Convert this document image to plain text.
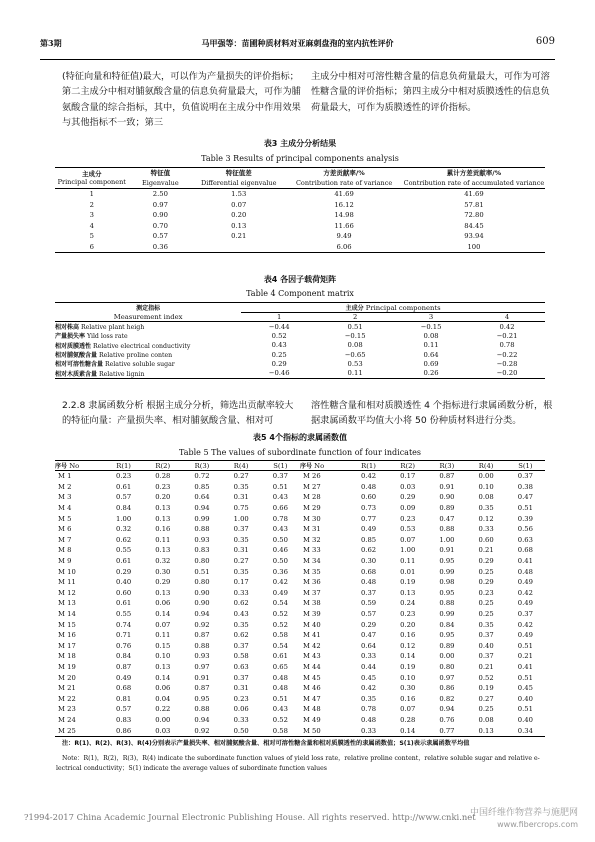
第3期	马甲强等：苗圃种质材料对亚麻刺盘孢的室内抗性评价	609
(特征向量和特征值)最大，可以作为产量损失的评价指标；第二主成分中相对脯氨酸含量的信息负荷量最大，可作为脯氨酸含量的综合指标，其中，负值说明在主成分中作用效果与其他指标不一致；第三
主成分中相对可溶性糖含量的信息负荷量最大，可作为可溶性糖含量的评价指标；第四主成分中相对质膜透性的信息负荷量最大，可作为质膜透性的评价指标。
表3 主成分分析结果
Table 3 Results of principal components analysis
主成分	特征值	特征值差	方差贡献率/%	累计方差贡献率/%
Principal component	Eigenvalue	Differential eigenvalue	Contribution rate of variance	Contribution rate of accumulated variance
1	2.50	1.53	41.69	41.69
2	0.97	0.07	16.12	57.81
3	0.90	0.20	14.98	72.80
4	0.70	0.13	11.66	84.45
5	0.57	0.21	9.49	93.94
6	0.36		6.06	100
表4 各因子载荷矩阵
Table 4 Component matrix
测定指标	主成分 Principal components			
Measurement index	1	2	3	4
相对株高 Relative plant heigh	−0.44	0.51	−0.15	0.42
产量损失率 Yild loss rate	0.52	−0.15	0.08	−0.21
相对质膜透性 Relative electrical conductivity	0.43	0.08	0.11	0.78
相对脯氨酸含量 Relative proline conten	0.25	−0.65	0.64	−0.22
相对可溶性糖含量 Relative soluble sugar	0.29	0.53	0.69	−0.28
相对木质素含量 Relative lignin	−0.46	0.11	0.26	−0.20
2.2.8 隶属函数分析 根据主成分分析，筛选出贡献率较大的特征向量：产量损失率、相对脯氨酸含量、相对可
溶性糖含量和相对质膜透性 4 个指标进行隶属函数分析，根据隶属函数平均值大小将 50 份种质材料进行分类。
表5 4个指标的隶属函数值
Table 5 The values of subordinate function of four indicates
序号 No	R(1)	R(2)	R(3)	R(4)	S(1)	序号 No	R(1)	R(2)	R(3)	R(4)	S(1)
M 1	0.23	0.28	0.72	0.27	0.37	M 26	0.42	0.17	0.87	0.00	0.37
M 2	0.61	0.23	0.85	0.35	0.51	M 27	0.48	0.03	0.91	0.10	0.38
M 3	0.57	0.20	0.64	0.31	0.43	M 28	0.60	0.29	0.90	0.08	0.47
M 4	0.84	0.13	0.94	0.75	0.66	M 29	0.73	0.09	0.89	0.35	0.51
M 5	1.00	0.13	0.99	1.00	0.78	M 30	0.77	0.23	0.47	0.12	0.39
M 6	0.32	0.16	0.88	0.37	0.43	M 31	0.49	0.53	0.88	0.33	0.56
M 7	0.62	0.11	0.93	0.35	0.50	M 32	0.85	0.07	1.00	0.60	0.63
M 8	0.55	0.13	0.83	0.31	0.46	M 33	0.62	1.00	0.91	0.21	0.68
M 9	0.61	0.32	0.80	0.27	0.50	M 34	0.30	0.11	0.95	0.29	0.41
M 10	0.29	0.30	0.51	0.35	0.36	M 35	0.68	0.01	0.99	0.25	0.48
M 11	0.40	0.29	0.80	0.17	0.42	M 36	0.48	0.19	0.98	0.29	0.49
M 12	0.60	0.13	0.90	0.33	0.49	M 37	0.37	0.13	0.95	0.23	0.42
M 13	0.61	0.06	0.90	0.62	0.54	M 38	0.59	0.24	0.88	0.25	0.49
M 14	0.55	0.14	0.94	0.43	0.52	M 39	0.57	0.23	0.99	0.25	0.37
M 15	0.74	0.07	0.92	0.35	0.52	M 40	0.29	0.20	0.84	0.35	0.42
M 16	0.71	0.11	0.87	0.62	0.58	M 41	0.47	0.16	0.95	0.37	0.49
M 17	0.76	0.15	0.88	0.37	0.54	M 42	0.64	0.12	0.89	0.40	0.51
M 18	0.84	0.10	0.93	0.58	0.61	M 43	0.33	0.14	0.00	0.37	0.21
M 19	0.87	0.13	0.97	0.63	0.65	M 44	0.44	0.19	0.80	0.21	0.41
M 20	0.49	0.14	0.91	0.37	0.48	M 45	0.45	0.10	0.97	0.52	0.51
M 21	0.68	0.06	0.87	0.31	0.48	M 46	0.42	0.30	0.86	0.19	0.45
M 22	0.81	0.04	0.95	0.23	0.51	M 47	0.35	0.16	0.82	0.27	0.40
M 23	0.57	0.22	0.88	0.06	0.43	M 48	0.78	0.07	0.94	0.25	0.51
M 24	0.83	0.00	0.94	0.33	0.52	M 49	0.48	0.28	0.76	0.08	0.40
M 25	0.86	0.03	0.92	0.50	0.58	M 50	0.33	0.14	0.77	0.13	0.34
注：R(1)、R(2)、R(3)、R(4)分别表示产量损失率、相对脯氨酸含量、相对可溶性糖含量和相对质膜透性的隶属函数值；S(1)表示隶属函数平均值
Note：R(1)，R(2)，R(3)，R(4) indicate the subordinate function values of yield loss rate，relative proline content，relative soluble sugar and relative e-
lectrical conductivity；S(1) indicate the average values of subordinate function values
?1994-2017 China Academic Journal Electronic Publishing House. All rights reserved. http://www.cnki.net
中国纤维作物营养与施肥网
www.fibercrops.com
